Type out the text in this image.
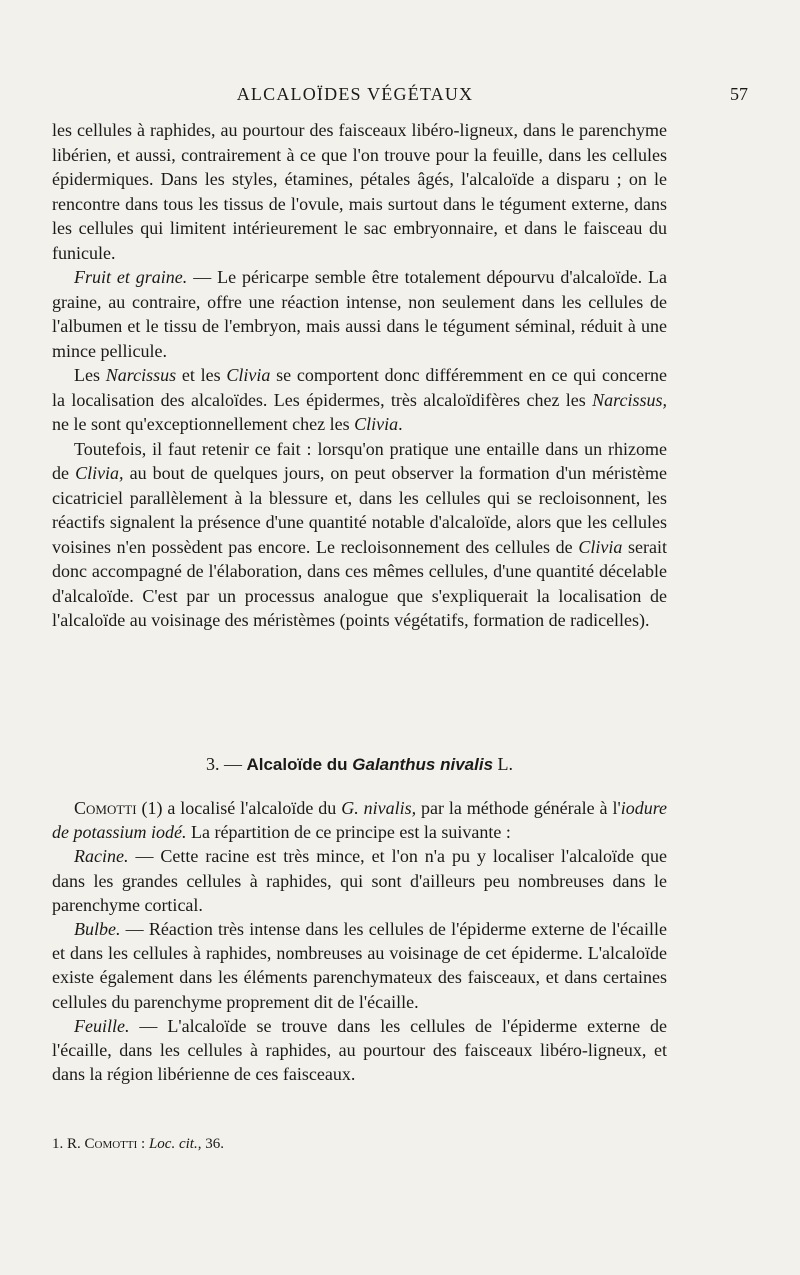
ALCALOÏDES VÉGÉTAUX	57

les cellules à raphides, au pourtour des faisceaux libéro-ligneux, dans le parenchyme libérien, et aussi, contrairement à ce que l'on trouve pour la feuille, dans les cellules épidermiques. Dans les styles, étamines, pétales âgés, l'alcaloïde a disparu ; on le rencontre dans tous les tissus de l'ovule, mais surtout dans le tégument externe, dans les cellules qui limitent intérieurement le sac embryonnaire, et dans le faisceau du funicule.

Fruit et graine. — Le péricarpe semble être totalement dépourvu d'alcaloïde. La graine, au contraire, offre une réaction intense, non seulement dans les cellules de l'albumen et le tissu de l'embryon, mais aussi dans le tégument séminal, réduit à une mince pellicule.

Les Narcissus et les Clivia se comportent donc différemment en ce qui concerne la localisation des alcaloïdes. Les épidermes, très alcaloïdifères chez les Narcissus, ne le sont qu'exceptionnellement chez les Clivia.

Toutefois, il faut retenir ce fait : lorsqu'on pratique une entaille dans un rhizome de Clivia, au bout de quelques jours, on peut observer la formation d'un méristème cicatriciel parallèlement à la blessure et, dans les cellules qui se recloisonnent, les réactifs signalent la présence d'une quantité notable d'alcaloïde, alors que les cellules voisines n'en possèdent pas encore. Le recloisonnement des cellules de Clivia serait donc accompagné de l'élaboration, dans ces mêmes cellules, d'une quantité décelable d'alcaloïde. C'est par un processus analogue que s'expliquerait la localisation de l'alcaloïde au voisinage des méristèmes (points végétatifs, formation de radicelles).

3. — Alcaloïde du Galanthus nivalis L.

Comotti (1) a localisé l'alcaloïde du G. nivalis, par la méthode générale à l'iodure de potassium iodé. La répartition de ce principe est la suivante :

Racine. — Cette racine est très mince, et l'on n'a pu y localiser l'alcaloïde que dans les grandes cellules à raphides, qui sont d'ailleurs peu nombreuses dans le parenchyme cortical.

Bulbe. — Réaction très intense dans les cellules de l'épiderme externe de l'écaille et dans les cellules à raphides, nombreuses au voisinage de cet épiderme. L'alcaloïde existe également dans les éléments parenchymateux des faisceaux, et dans certaines cellules du parenchyme proprement dit de l'écaille.

Feuille. — L'alcaloïde se trouve dans les cellules de l'épiderme externe de l'écaille, dans les cellules à raphides, au pourtour des faisceaux libéro-ligneux, et dans la région libérienne de ces faisceaux.

1. R. Comotti : Loc. cit., 36.
